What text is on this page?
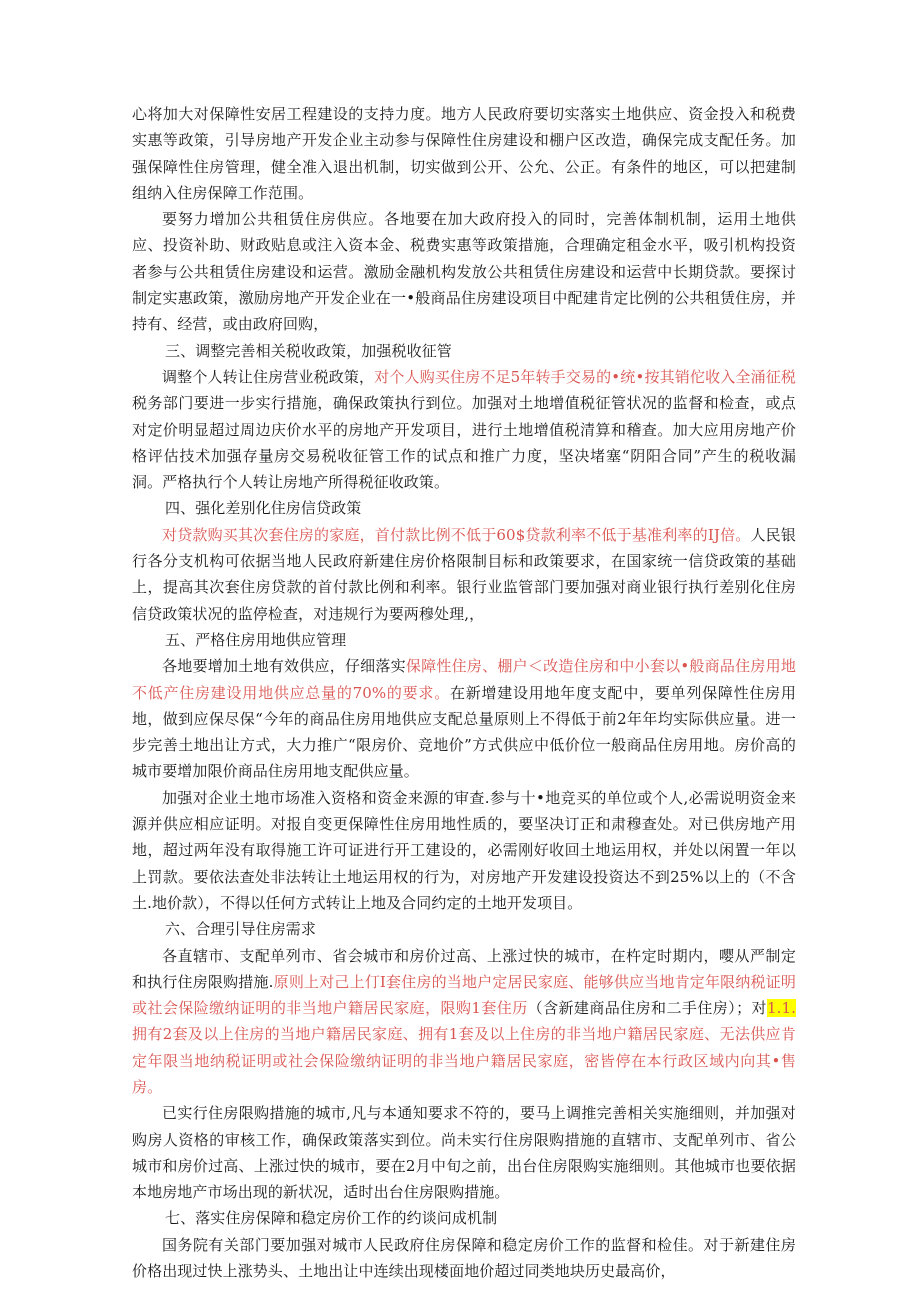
心将加大对保障性安居工程建设的支持力度。地方人民政府要切实落实土地供应、资金投入和税费实惠等政策，引导房地产开发企业主动参与保障性住房建设和棚户区改造，确保完成支配任务。加强保障性住房管理，健全准入退出机制，切实做到公开、公允、公正。有条件的地区，可以把建制组纳入住房保障工作范围。

要努力增加公共租赁住房供应。各地要在加大政府投入的同时，完善体制机制，运用土地供应、投资补助、财政贴息或注入资本金、税费实惠等政策措施，合理确定租金水平，吸引机构投资者参与公共租赁住房建设和运营。激励金融机构发放公共租赁住房建设和运营中长期贷款。要探讨制定实惠政策，激励房地产开发企业在一•般商品住房建设项目中配建肯定比例的公共租赁住房，并持有、经营，或由政府回购，

三、调整完善相关税收政策，加强税收征管

调整个人转让住房营业税政策，对个人购买住房不足5年转手交易的•统•按其销佗收入全涌征税税务部门要进一步实行措施，确保政策执行到位。加强对土地增值税征管状况的监督和检查，或点对定价明显超过周边庆价水平的房地产开发项目，进行土地增值税清算和稽查。加大应用房地产价格评估技术加强存量房交易税收征管工作的试点和推广力度，坚决堵塞“阴阳合同”产生的税收漏洞。严格执行个人转让房地产所得税征收政策。

四、强化差别化住房信贷政策

对贷款购买其次套住房的家庭，首付款比例不低于60$贷款利率不低于基准利率的IJ倍。人民银行各分支机构可依据当地人民政府新建住房价格限制目标和政策要求，在国家统一信贷政策的基础上，提高其次套住房贷款的首付款比例和利率。银行业监管部门要加强对商业银行执行差别化住房信贷政策状况的监停检查，对违规行为要两穆处理,，

五、严格住房用地供应管理

各地要增加土地有效供应，仔细落实保障性住房、棚户＜改造住房和中小套以•般商品住房用地不低产住房建设用地供应总量的70%的要求。在新增建设用地年度支配中，要单列保障性住房用地，做到应保尽保“今年的商品住房用地供应支配总量原则上不得低于前2年年均实际供应量。进一步完善土地出让方式，大力推广“限房价、竞地价”方式供应中低价位一般商品住房用地。房价高的城市要增加限价商品住房用地支配供应量。

加强对企业土地市场准入资格和资金来源的审查.参与十•地竞买的单位或个人,必需说明资金来源并供应相应证明。对报自变更保障性住房用地性质的，要坚决订正和肃穆查处。对已供房地产用地，超过两年没有取得施工许可证进行开工建设的，必需刚好收回土地运用权，并处以闲置一年以上罚款。要依法查处非法转让土地运用权的行为，对房地产开发建设投资达不到25%以上的（不含土.地价款），不得以任何方式转让上地及合同约定的土地开发项目。

六、合理引导住房需求

各直辖市、支配单列市、省会城市和房价过高、上涨过快的城市，在杵定时期内，嘤从严制定和执行住房限购措施.原则上对己上仃I套住房的当地户定居民家庭、能够供应当地肯定年限纳税证明或社会保险缴纳证明的非当地户籍居民家庭，限购1套住历（含新建商品住房和二手住房）；对1.1.拥有2套及以上住房的当地户籍居民家庭、拥有1套及以上住房的非当地户籍居民家庭、无法供应肯定年限当地纳税证明或社会保险缴纳证明的非当地户籍居民家庭，密皆停在本行政区域内向其•售房。

已实行住房限购措施的城市,凡与本通知要求不符的，要马上调推完善相关实施细则，并加强对购房人资格的审核工作，确保政策落实到位。尚未实行住房限购措施的直辖市、支配单列市、省公城市和房价过高、上涨过快的城市，要在2月中旬之前，出台住房限购实施细则。其他城市也要依据本地房地产市场出现的新状况，适时出台住房限购措施。

七、落实住房保障和稳定房价工作的约谈问成机制

国务院有关部门要加强对城市人民政府住房保障和稳定房价工作的监督和检佳。对于新建住房价格出现过快上涨势头、土地出让中连续出现楼面地价超过同类地块历史最高价，
